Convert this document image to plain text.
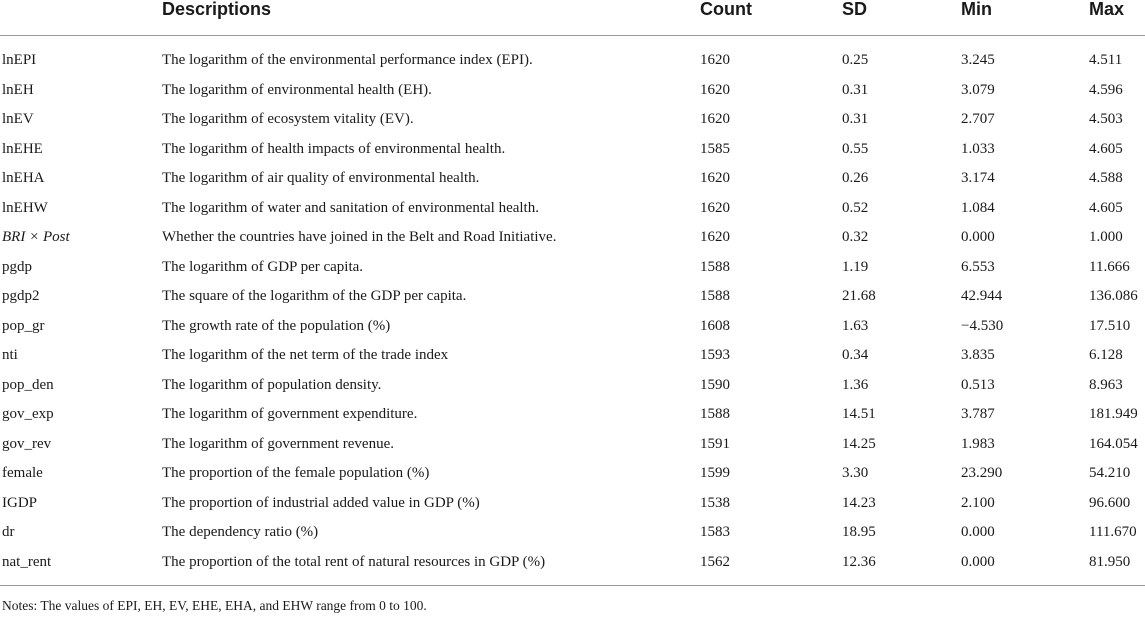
	Descriptions	Count	SD	Min	Max
lnEPI	The logarithm of the environmental performance index (EPI).	1620	0.25	3.245	4.511
lnEH	The logarithm of environmental health (EH).	1620	0.31	3.079	4.596
lnEV	The logarithm of ecosystem vitality (EV).	1620	0.31	2.707	4.503
lnEHE	The logarithm of health impacts of environmental health.	1585	0.55	1.033	4.605
lnEHA	The logarithm of air quality of environmental health.	1620	0.26	3.174	4.588
lnEHW	The logarithm of water and sanitation of environmental health.	1620	0.52	1.084	4.605
BRI × Post	Whether the countries have joined in the Belt and Road Initiative.	1620	0.32	0.000	1.000
pgdp	The logarithm of GDP per capita.	1588	1.19	6.553	11.666
pgdp2	The square of the logarithm of the GDP per capita.	1588	21.68	42.944	136.086
pop_gr	The growth rate of the population (%)	1608	1.63	−4.530	17.510
nti	The logarithm of the net term of the trade index	1593	0.34	3.835	6.128
pop_den	The logarithm of population density.	1590	1.36	0.513	8.963
gov_exp	The logarithm of government expenditure.	1588	14.51	3.787	181.949
gov_rev	The logarithm of government revenue.	1591	14.25	1.983	164.054
female	The proportion of the female population (%)	1599	3.30	23.290	54.210
IGDP	The proportion of industrial added value in GDP (%)	1538	14.23	2.100	96.600
dr	The dependency ratio (%)	1583	18.95	0.000	111.670
nat_rent	The proportion of the total rent of natural resources in GDP (%)	1562	12.36	0.000	81.950
Notes: The values of EPI, EH, EV, EHE, EHA, and EHW range from 0 to 100.
